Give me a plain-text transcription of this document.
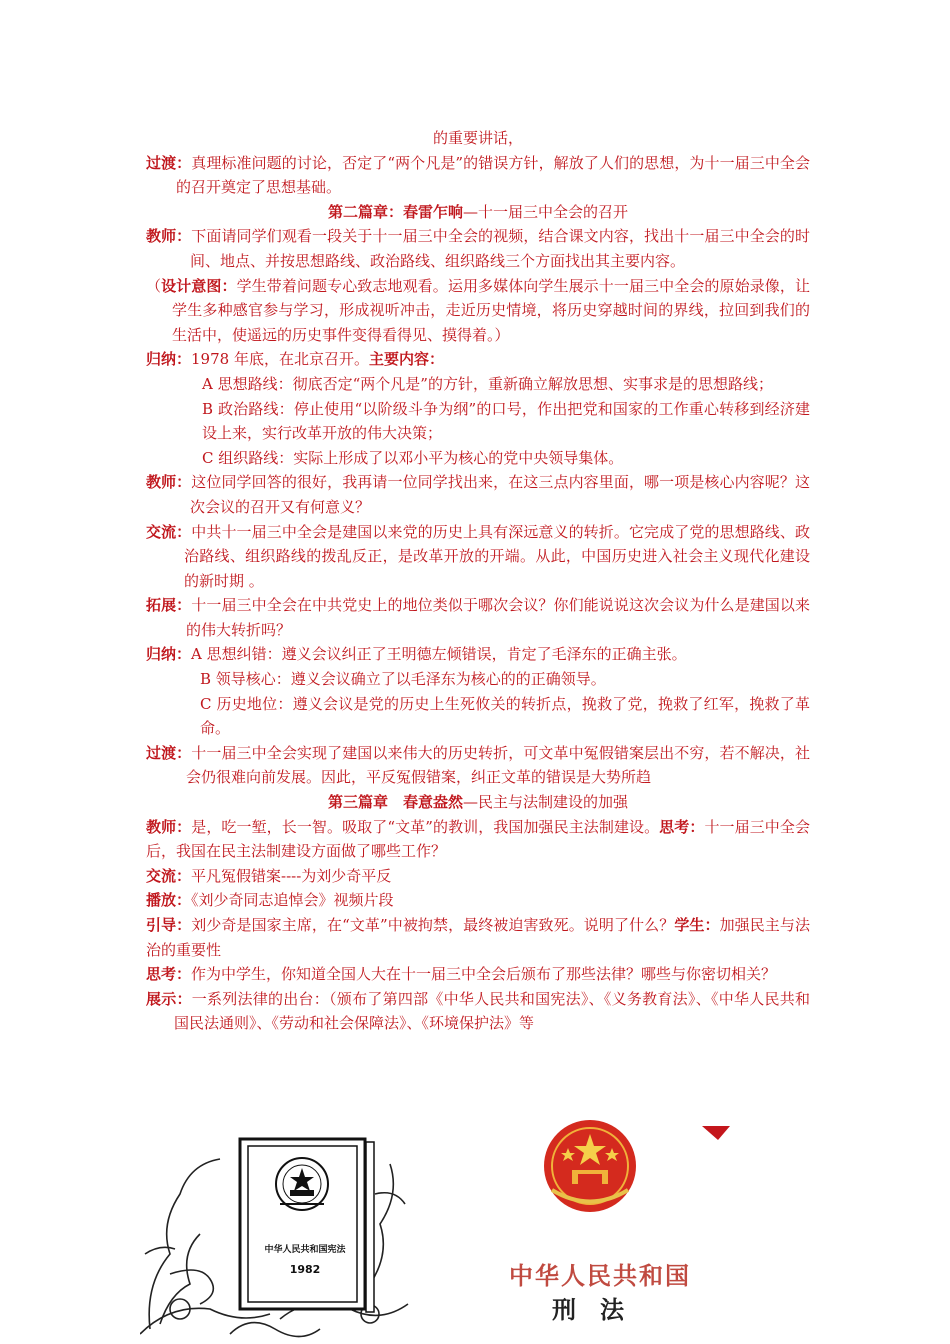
的重要讲话，

过渡：真理标准问题的讨论，否定了“两个凡是”的错误方针，解放了人们的思想，为十一届三中全会的召开奠定了思想基础。

第二篇章：春雷乍响—十一届三中全会的召开

教师：下面请同学们观看一段关于十一届三中全会的视频，结合课文内容，找出十一届三中全会的时间、地点、并按思想路线、政治路线、组织路线三个方面找出其主要内容。

（设计意图：学生带着问题专心致志地观看。运用多媒体向学生展示十一届三中全会的原始录像，让学生多种感官参与学习，形成视听冲击，走近历史情境，将历史穿越时间的界线，拉回到我们的生活中，使遥远的历史事件变得看得见、摸得着。）

归纳：1978 年底，在北京召开。主要内容：

A 思想路线：彻底否定“两个凡是”的方针，重新确立解放思想、实事求是的思想路线；

B 政治路线：停止使用“以阶级斗争为纲”的口号，作出把党和国家的工作重心转移到经济建设上来，实行改革开放的伟大决策；

C 组织路线：实际上形成了以邓小平为核心的党中央领导集体。

教师：这位同学回答的很好，我再请一位同学找出来，在这三点内容里面，哪一项是核心内容呢？这次会议的召开又有何意义？

交流：中共十一届三中全会是建国以来党的历史上具有深远意义的转折。它完成了党的思想路线、政治路线、组织路线的拨乱反正，是改革开放的开端。从此，中国历史进入社会主义现代化建设的新时期 。

拓展：十一届三中全会在中共党史上的地位类似于哪次会议？你们能说说这次会议为什么是建国以来的伟大转折吗？

归纳：A 思想纠错：遵义会议纠正了王明德左倾错误，肯定了毛泽东的正确主张。

B 领导核心：遵义会议确立了以毛泽东为核心的的正确领导。

C 历史地位：遵义会议是党的历史上生死攸关的转折点，挽救了党，挽救了红军，挽救了革命。

过渡：十一届三中全会实现了建国以来伟大的历史转折，可文革中冤假错案层出不穷，若不解决，社会仍很难向前发展。因此，平反冤假错案，纠正文革的错误是大势所趋

第三篇章　春意盎然—民主与法制建设的加强

教师：是，吃一堑，长一智。吸取了“文革”的教训，我国加强民主法制建设。思考：十一届三中全会后，我国在民主法制建设方面做了哪些工作？

交流：平凡冤假错案----为刘少奇平反

播放：《刘少奇同志追悼会》视频片段

引导：刘少奇是国家主席，在“文革”中被拘禁，最终被迫害致死。说明了什么？学生：加强民主与法治的重要性

思考：作为中学生，你知道全国人大在十一届三中全会后颁布了那些法律？哪些与你密切相关？

展示：一系列法律的出台：（颁布了第四部《中华人民共和国宪法》、《义务教育法》、《中华人民共和国民法通则》、《劳动和社会保障法》、《环境保护法》等

中华人民共和国宪法
1982	中华人民共和国
刑法
